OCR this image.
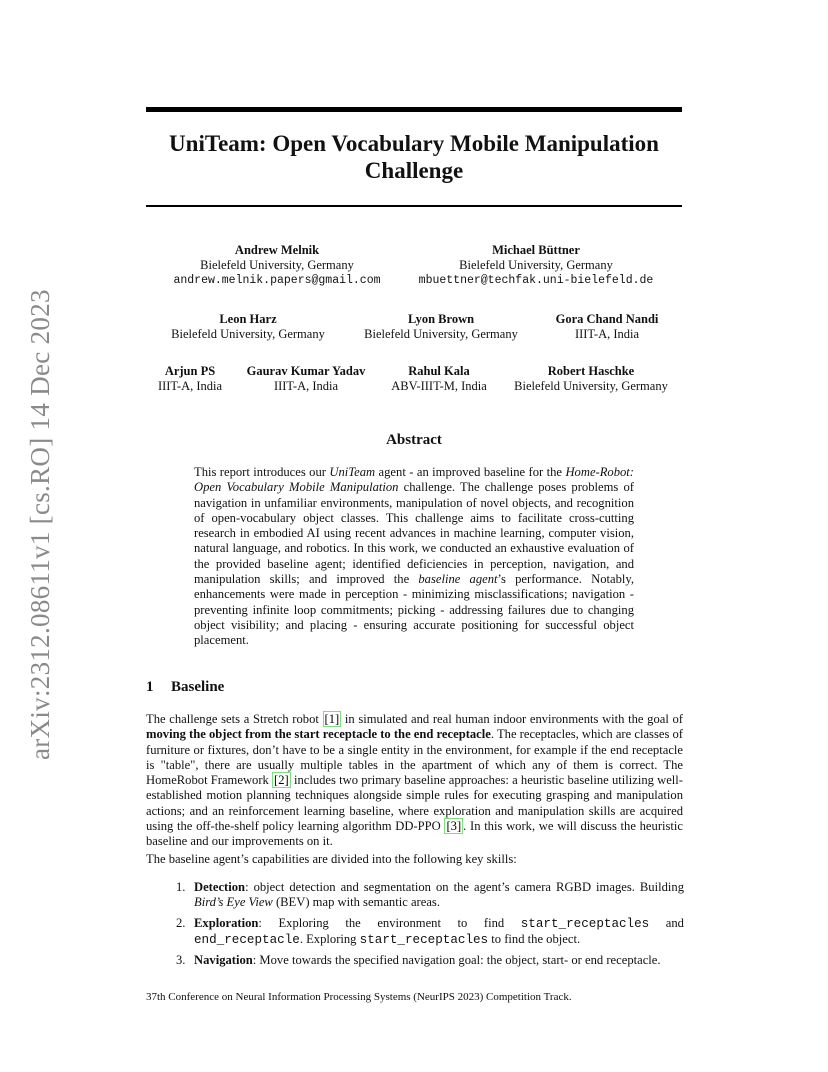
arXiv:2312.08611v1 [cs.RO] 14 Dec 2023
UniTeam: Open Vocabulary Mobile Manipulation
Challenge
Andrew Melnik
Bielefeld University, Germany
andrew.melnik.papers@gmail.com
Michael Büttner
Bielefeld University, Germany
mbuettner@techfak.uni-bielefeld.de
Leon Harz
Bielefeld University, Germany
Lyon Brown
Bielefeld University, Germany
Gora Chand Nandi
IIIT-A, India
Arjun PS
IIIT-A, India
Gaurav Kumar Yadav
IIIT-A, India
Rahul Kala
ABV-IIIT-M, India
Robert Haschke
Bielefeld University, Germany
Abstract
This report introduces our UniTeam agent - an improved baseline for the Home-Robot: Open Vocabulary Mobile Manipulation challenge. The challenge poses problems of navigation in unfamiliar environments, manipulation of novel objects, and recognition of open-vocabulary object classes. This challenge aims to facilitate cross-cutting research in embodied AI using recent advances in machine learning, computer vision, natural language, and robotics. In this work, we conducted an exhaustive evaluation of the provided baseline agent; identified deficiencies in perception, navigation, and manipulation skills; and improved the baseline agent’s performance. Notably, enhancements were made in perception - minimizing misclassifications; navigation - preventing infinite loop commitments; picking - addressing failures due to changing object visibility; and placing - ensuring accurate positioning for successful object placement.
1 Baseline
The challenge sets a Stretch robot [1] in simulated and real human indoor environments with the goal of moving the object from the start receptacle to the end receptacle. The receptacles, which are classes of furniture or fixtures, don’t have to be a single entity in the environment, for example if the end receptacle is "table", there are usually multiple tables in the apartment of which any of them is correct. The HomeRobot Framework [2] includes two primary baseline approaches: a heuristic baseline utilizing well-established motion planning techniques alongside simple rules for executing grasping and manipulation actions; and an reinforcement learning baseline, where exploration and manipulation skills are acquired using the off-the-shelf policy learning algorithm DD-PPO [3] . In this work, we will discuss the heuristic baseline and our improvements on it.
The baseline agent’s capabilities are divided into the following key skills:
1. Detection: object detection and segmentation on the agent’s camera RGBD images. Building Bird’s Eye View (BEV) map with semantic areas.
2. Exploration: Exploring the environment to find start_receptacles and end_receptacle. Exploring start_receptacles to find the object.
3. Navigation: Move towards the specified navigation goal: the object, start- or end receptacle.
37th Conference on Neural Information Processing Systems (NeurIPS 2023) Competition Track.
